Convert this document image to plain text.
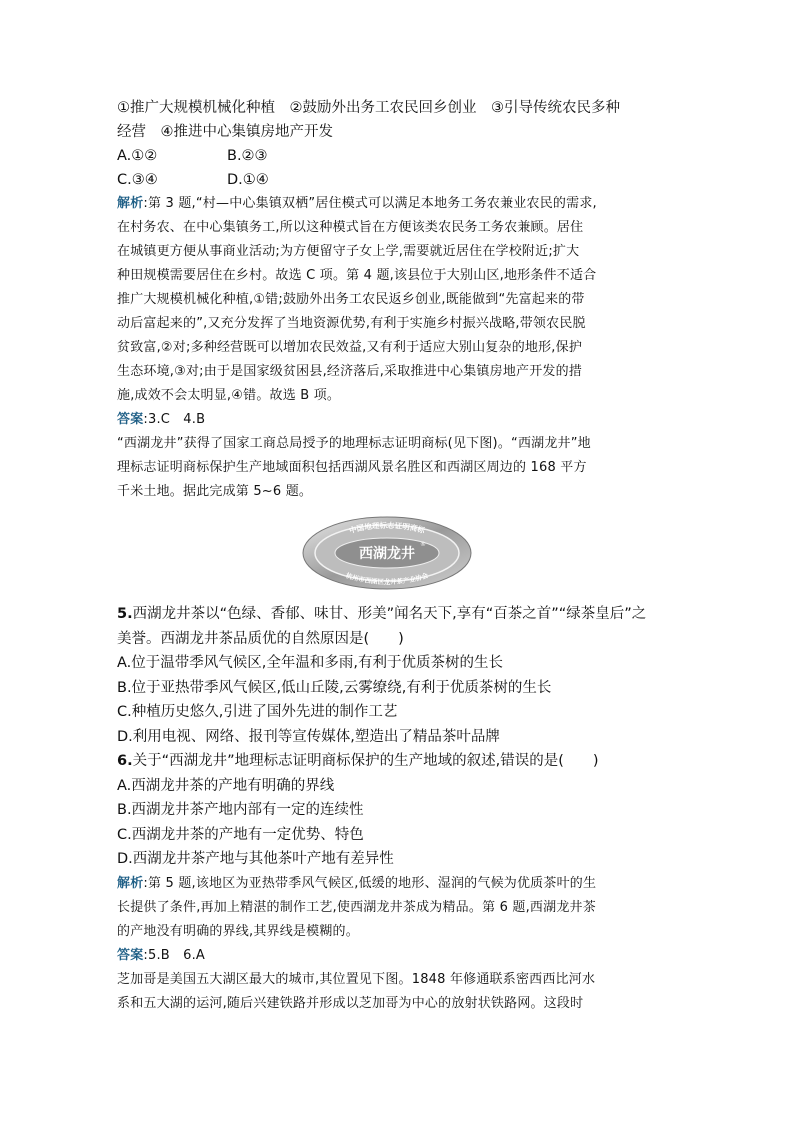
①推广大规模机械化种植　②鼓励外出务工农民回乡创业　③引导传统农民多种
经营　④推进中心集镇房地产开发
A.①②	B.②③
C.③④	D.①④
解析:第 3 题,“村—中心集镇双栖”居住模式可以满足本地务工务农兼业农民的需求,
在村务农、在中心集镇务工,所以这种模式旨在方便该类农民务工务农兼顾。居住
在城镇更方便从事商业活动;为方便留守子女上学,需要就近居住在学校附近;扩大
种田规模需要居住在乡村。故选 C 项。第 4 题,该县位于大别山区,地形条件不适合
推广大规模机械化种植,①错;鼓励外出务工农民返乡创业,既能做到“先富起来的带
动后富起来的”,又充分发挥了当地资源优势,有利于实施乡村振兴战略,带领农民脱
贫致富,②对;多种经营既可以增加农民效益,又有利于适应大别山复杂的地形,保护
生态环境,③对;由于是国家级贫困县,经济落后,采取推进中心集镇房地产开发的措
施,成效不会太明显,④错。故选 B 项。
答案:3.C　4.B
“西湖龙井”获得了国家工商总局授予的地理标志证明商标(见下图)。“西湖龙井”地
理标志证明商标保护生产地域面积包括西湖风景名胜区和西湖区周边的 168 平方
千米土地。据此完成第 5~6 题。
中国地理标志证明商标
西湖龙井
®
杭州市西湖区龙井茶产业协会
5.西湖龙井茶以“色绿、香郁、味甘、形美”闻名天下,享有“百茶之首”“绿茶皇后”之
美誉。西湖龙井茶品质优的自然原因是(　　)
A.位于温带季风气候区,全年温和多雨,有利于优质茶树的生长
B.位于亚热带季风气候区,低山丘陵,云雾缭绕,有利于优质茶树的生长
C.种植历史悠久,引进了国外先进的制作工艺
D.利用电视、网络、报刊等宣传媒体,塑造出了精品茶叶品牌
6.关于“西湖龙井”地理标志证明商标保护的生产地域的叙述,错误的是(　　)
A.西湖龙井茶的产地有明确的界线
B.西湖龙井茶产地内部有一定的连续性
C.西湖龙井茶的产地有一定优势、特色
D.西湖龙井茶产地与其他茶叶产地有差异性
解析:第 5 题,该地区为亚热带季风气候区,低缓的地形、湿润的气候为优质茶叶的生
长提供了条件,再加上精湛的制作工艺,使西湖龙井茶成为精品。第 6 题,西湖龙井茶
的产地没有明确的界线,其界线是模糊的。
答案:5.B　6.A
芝加哥是美国五大湖区最大的城市,其位置见下图。1848 年修通联系密西西比河水
系和五大湖的运河,随后兴建铁路并形成以芝加哥为中心的放射状铁路网。这段时
